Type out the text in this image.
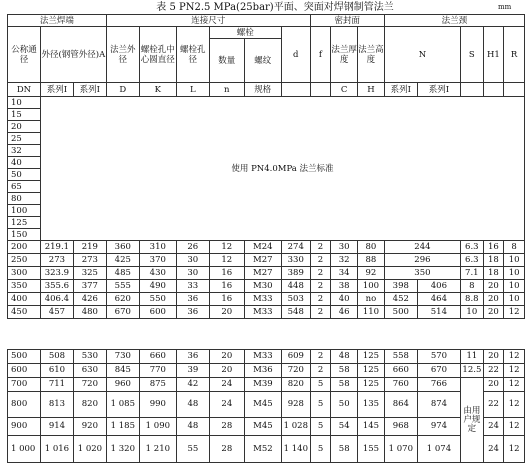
表 5 PN2.5 MPa(25bar)平面、突面对焊钢制管法兰	mm
法兰焊端			连接尺寸						密封面			法兰颈				
公称通径	外径(钢管外径)A		法兰外径	螺栓孔中心圆直径	螺栓孔径	螺栓		d	f	法兰厚度	法兰高度	N		S	H1	R
						数量	螺纹									

DN	系列Ⅰ	系列Ⅰ	D	K	L	n	规格			C	H	系列Ⅰ	系列Ⅰ			
10	使用 PN4.0MPa 法兰标准															
15																
20																
25																
32																
40																
50																
65																
80																
100																
125																
150																
200	219.1	219	360	310	26	12	M24	274	2	30	80	244		6.3	16	8
250	273	273	425	370	30	12	M27	330	2	32	88	296		6.3	18	10
300	323.9	325	485	430	30	16	M27	389	2	34	92	350		7.1	18	10
350	355.6	377	555	490	33	16	M30	448	2	38	100	398	406	8	20	10
400	406.4	426	620	550	36	16	M33	503	2	40	no	452	464	8.8	20	10
450	457	480	670	600	36	20	M33	548	2	46	110	500	514	10	20	12
500	508	530	730	660	36	20	M33	609	2	48	125	558	570	11	20	12
600	610	630	845	770	39	20	M36	720	2	58	125	660	670	12.5	22	12
700	711	720	960	875	42	24	M39	820	5	58	125	760	766	由用户规定	20	12
800	813	820	1 085	990	48	24	M45	928	5	50	135	864	874		22	12
900	914	920	1 185	1 090	48	28	M45	1 028	5	54	145	968	974		24	12
1 000	1 016	1 020	1 320	1 210	55	28	M52	1 140	5	58	155	1 070	1 074		24	12
